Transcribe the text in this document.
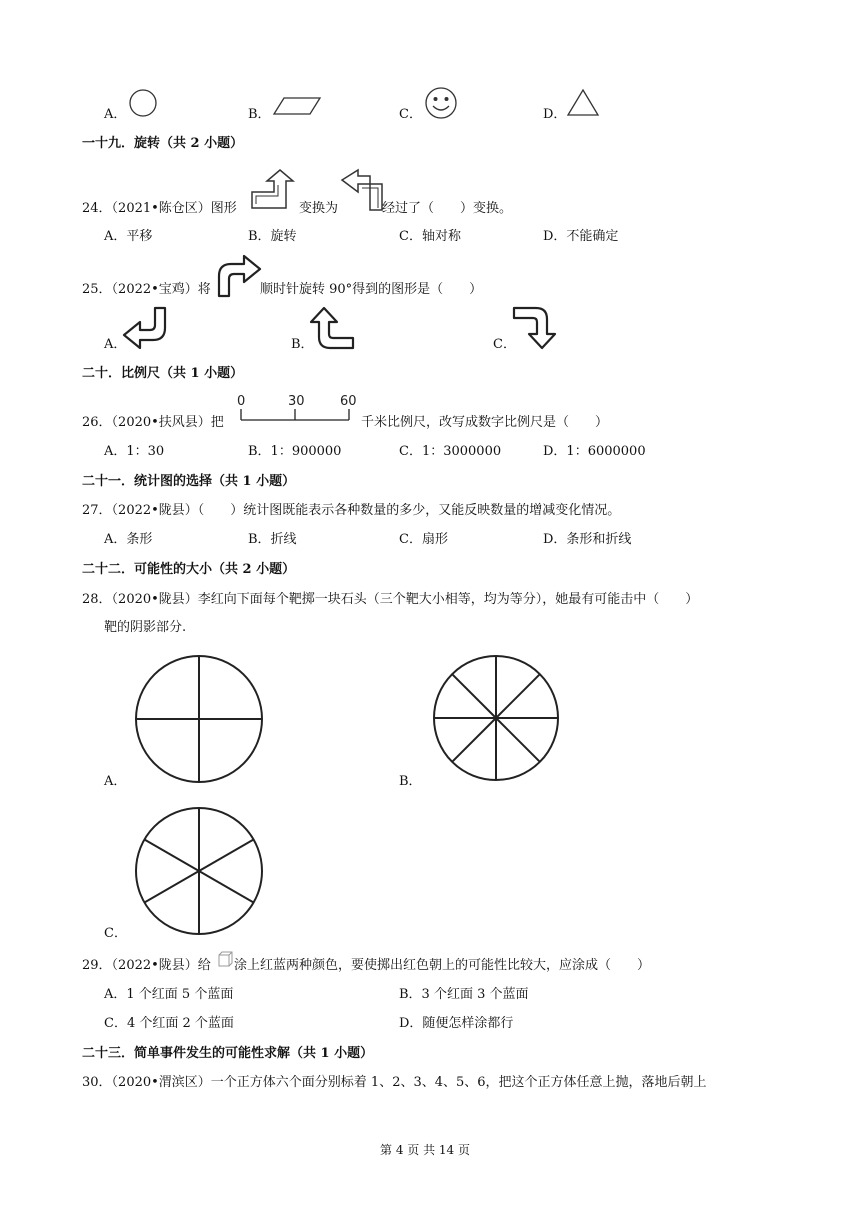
A．	B．	C．	D．
一十九．旋转（共 2 小题）
24．（2021•陈仓区）图形	变换为	经过了（　　）变换。
A．平移	B．旋转	C．轴对称	D．不能确定
25．（2022•宝鸡）将	顺时针旋转 90°得到的图形是（　　）
A．	B．	C．
二十．比例尺（共 1 小题）
26．（2020•扶风县）把
0	30	60
千米比例尺，改写成数字比例尺是（　　）
A．1：30	B．1：900000	C．1：3000000	D．1：6000000
二十一．统计图的选择（共 1 小题）
27．（2022•陇县）（　　）统计图既能表示各种数量的多少，又能反映数量的增减变化情况。
A．条形	B．折线	C．扇形	D．条形和折线
二十二．可能性的大小（共 2 小题）
28．（2020•陇县）李红向下面每个靶掷一块石头（三个靶大小相等，均为等分），她最有可能击中（　　）
靶的阴影部分.
A．	B．
C．
29．（2022•陇县）给 涂上红蓝两种颜色，要使掷出红色朝上的可能性比较大，应涂成（　　）
A．1 个红面 5 个蓝面	B．3 个红面 3 个蓝面
C．4 个红面 2 个蓝面	D．随便怎样涂都行
二十三．简单事件发生的可能性求解（共 1 小题）
30．（2020•渭滨区）一个正方体六个面分别标着 1、2、3、4、5、6，把这个正方体任意上抛，落地后朝上
第 4 页 共 14 页
